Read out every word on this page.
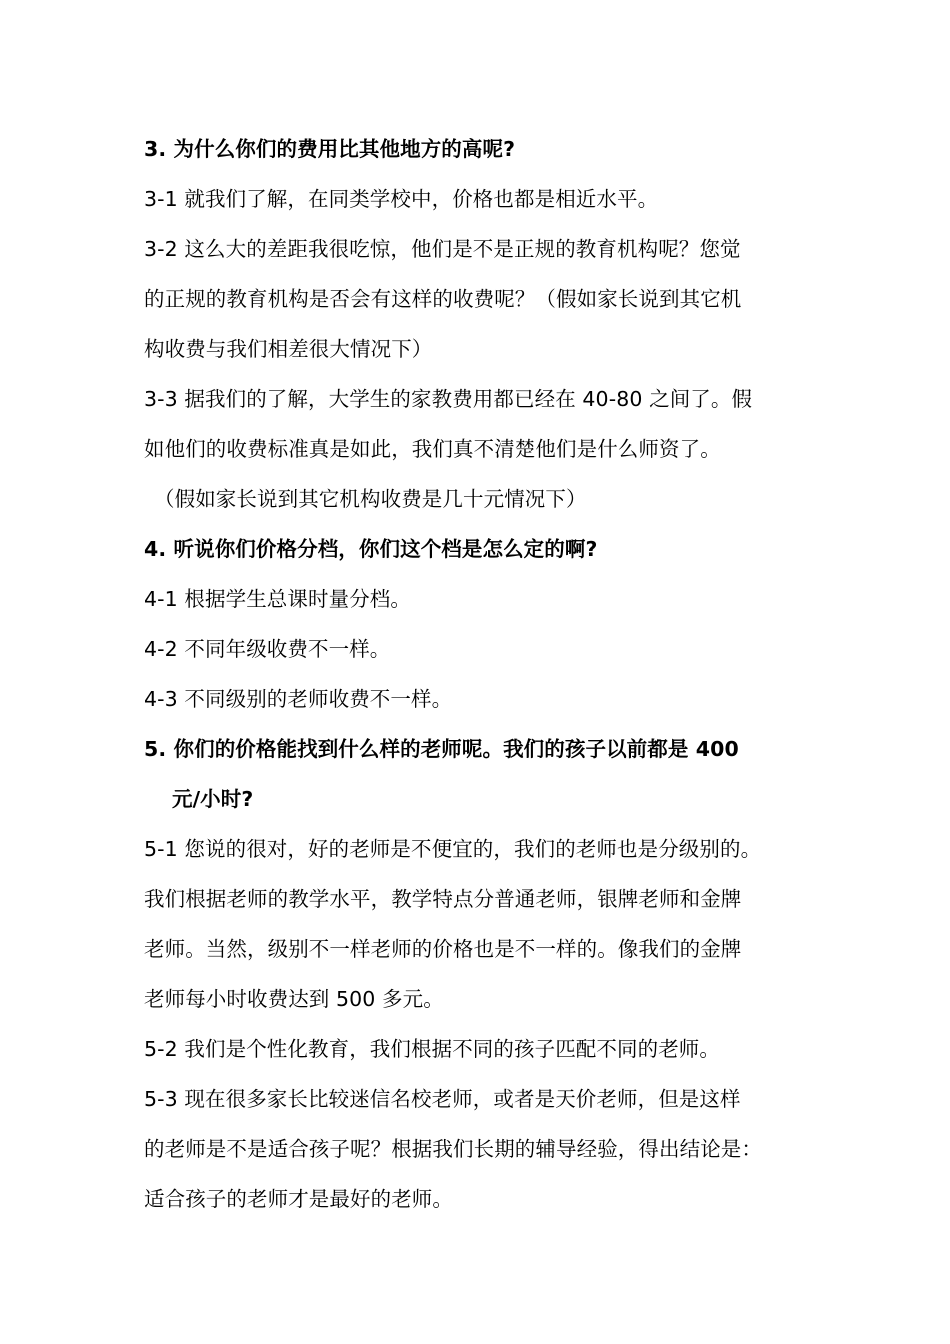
3. 为什么你们的费用比其他地方的高呢?
3-1 就我们了解，在同类学校中，价格也都是相近水平。
3-2 这么大的差距我很吃惊，他们是不是正规的教育机构呢？您觉
的正规的教育机构是否会有这样的收费呢？（假如家长说到其它机
构收费与我们相差很大情况下）
3-3 据我们的了解，大学生的家教费用都已经在 40-80 之间了。假
如他们的收费标准真是如此，我们真不清楚他们是什么师资了。
（假如家长说到其它机构收费是几十元情况下）
4. 听说你们价格分档，你们这个档是怎么定的啊?
4-1 根据学生总课时量分档。
4-2 不同年级收费不一样。
4-3 不同级别的老师收费不一样。
5. 你们的价格能找到什么样的老师呢。我们的孩子以前都是 400
元/小时?
5-1 您说的很对，好的老师是不便宜的，我们的老师也是分级别的。
我们根据老师的教学水平，教学特点分普通老师，银牌老师和金牌
老师。当然，级别不一样老师的价格也是不一样的。像我们的金牌
老师每小时收费达到 500 多元。
5-2 我们是个性化教育，我们根据不同的孩子匹配不同的老师。
5-3 现在很多家长比较迷信名校老师，或者是天价老师，但是这样
的老师是不是适合孩子呢？根据我们长期的辅导经验，得出结论是：
适合孩子的老师才是最好的老师。
